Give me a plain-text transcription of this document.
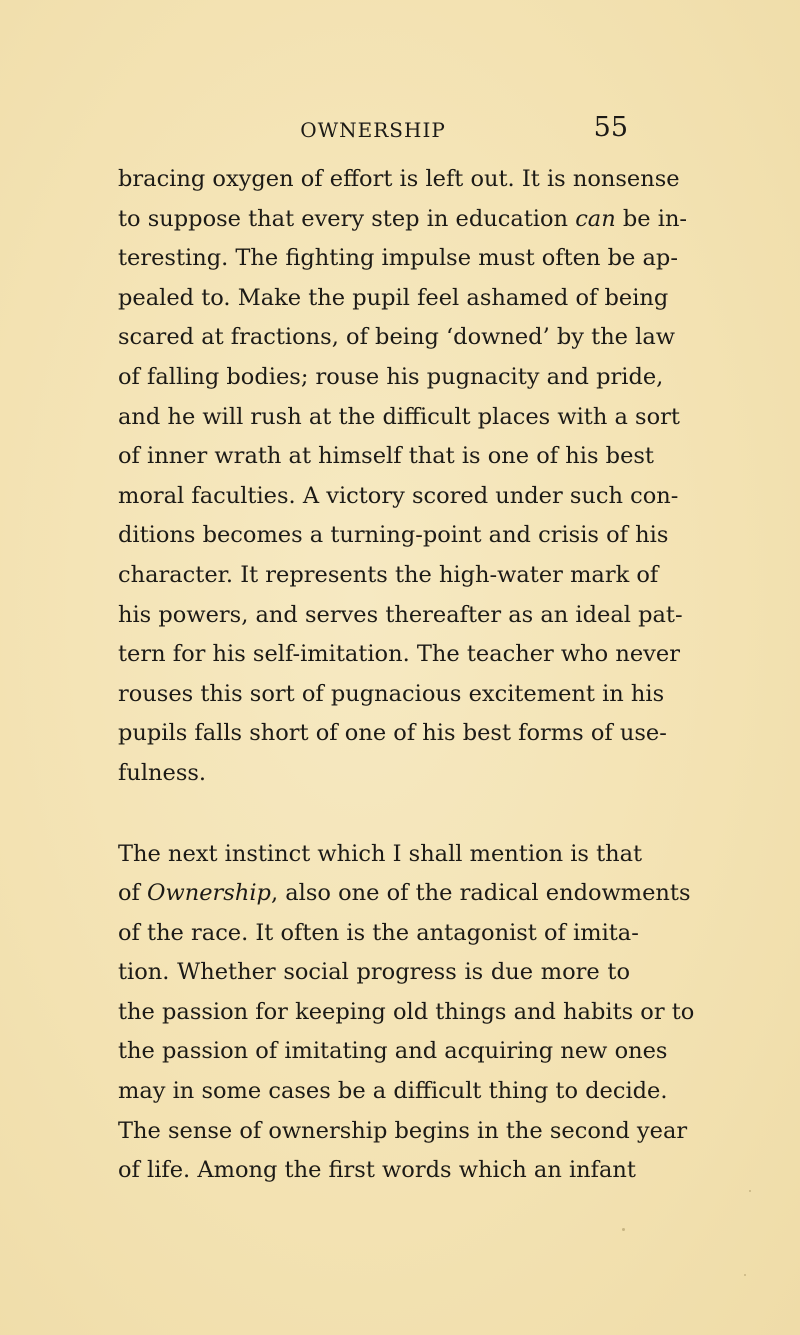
OWNERSHIP	55
bracing oxygen of effort is left out. It is nonsense
to suppose that every step in education can be in-
teresting. The fighting impulse must often be ap-
pealed to. Make the pupil feel ashamed of being
scared at fractions, of being ‘downed’ by the law
of falling bodies; rouse his pugnacity and pride,
and he will rush at the difficult places with a sort
of inner wrath at himself that is one of his best
moral faculties. A victory scored under such con-
ditions becomes a turning-point and crisis of his
character. It represents the high-water mark of
his powers, and serves thereafter as an ideal pat-
tern for his self-imitation. The teacher who never
rouses this sort of pugnacious excitement in his
pupils falls short of one of his best forms of use-
fulness.
The next instinct which I shall mention is that
of Ownership, also one of the radical endowments
of the race. It often is the antagonist of imita-
tion. Whether social progress is due more to
the passion for keeping old things and habits or to
the passion of imitating and acquiring new ones
may in some cases be a difficult thing to decide.
The sense of ownership begins in the second year
of life. Among the first words which an infant
